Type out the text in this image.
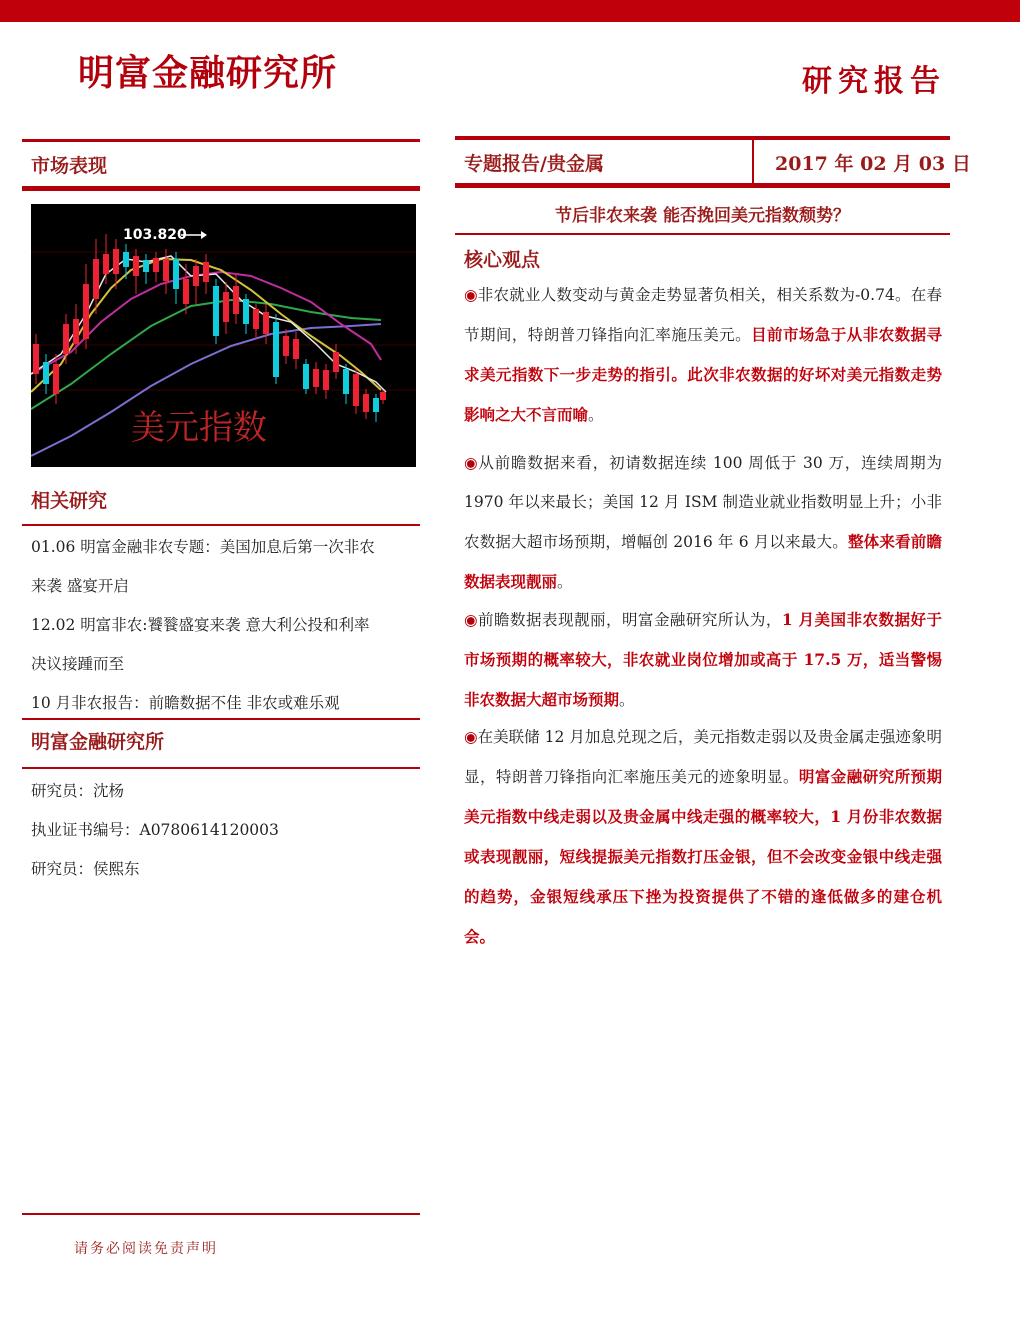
明富金融研究所	研究报告
市场表现
103.820
美元指数
相关研究
01.06 明富金融非农专题：美国加息后第一次非农
来袭 盛宴开启
12.02 明富非农:饕餮盛宴来袭 意大利公投和利率
决议接踵而至
10 月非农报告：前瞻数据不佳 非农或难乐观
明富金融研究所
研究员：沈杨
执业证书编号：A0780614120003
研究员：侯熙东
请务必阅读免责声明
专题报告/贵金属	2017 年 02 月 03 日
节后非农来袭 能否挽回美元指数颓势？
核心观点
◉非农就业人数变动与黄金走势显著负相关，相关系数为-0.74。在春节期间，特朗普刀锋指向汇率施压美元。目前市场急于从非农数据寻求美元指数下一步走势的指引。此次非农数据的好坏对美元指数走势影响之大不言而喻。
◉从前瞻数据来看，初请数据连续 100 周低于 30 万，连续周期为 1970 年以来最长；美国 12 月 ISM 制造业就业指数明显上升；小非农数据大超市场预期，增幅创 2016 年 6 月以来最大。整体来看前瞻数据表现靓丽。
◉前瞻数据表现靓丽，明富金融研究所认为，1 月美国非农数据好于市场预期的概率较大，非农就业岗位增加或高于 17.5 万，适当警惕非农数据大超市场预期。
◉在美联储 12 月加息兑现之后，美元指数走弱以及贵金属走强迹象明显，特朗普刀锋指向汇率施压美元的迹象明显。明富金融研究所预期美元指数中线走弱以及贵金属中线走强的概率较大，1 月份非农数据或表现靓丽，短线提振美元指数打压金银，但不会改变金银中线走强的趋势，金银短线承压下挫为投资提供了不错的逢低做多的建仓机会。
